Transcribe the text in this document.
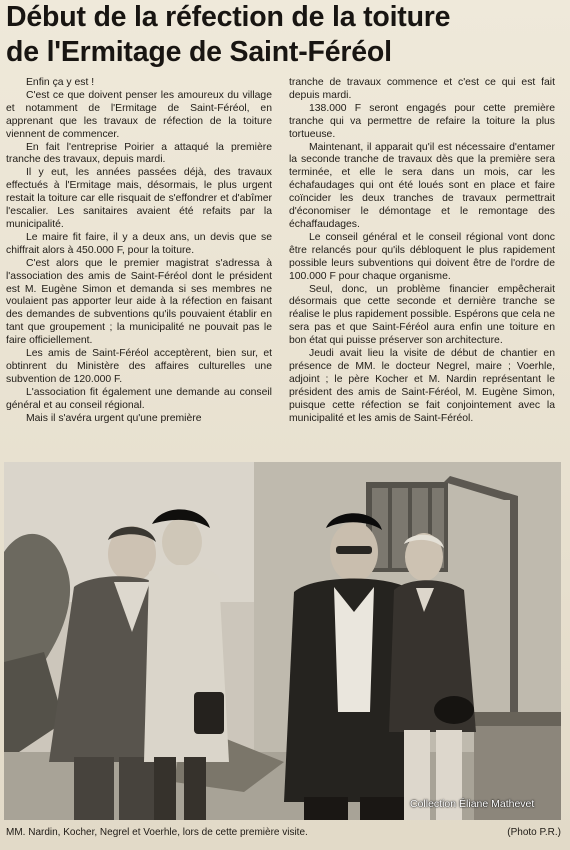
Début de la réfection de la toiture
de l'Ermitage de Saint-Féréol

Enfin ça y est !

C'est ce que doivent penser les amoureux du village et notamment de l'Ermitage de Saint-Féréol, en apprenant que les travaux de réfection de la toiture viennent de commencer.

En fait l'entreprise Poirier a attaqué la première tranche des travaux, depuis mardi.

Il y eut, les années passées déjà, des travaux effectués à l'Ermitage mais, désormais, le plus urgent restait la toiture car elle risquait de s'effondrer et d'abîmer l'escalier. Les sanitaires avaient été refaits par la municipalité.

Le maire fit faire, il y a deux ans, un devis que se chiffrait alors à 450.000 F, pour la toiture.

C'est alors que le premier magistrat s'adressa à l'association des amis de Saint-Féréol dont le président est M. Eugène Simon et demanda si ses membres ne voulaient pas apporter leur aide à la réfection en faisant des demandes de subventions qu'ils pouvaient établir en tant que groupement ; la municipalité ne pouvait pas le faire officiellement.

Les amis de Saint-Féréol acceptèrent, bien sur, et obtinrent du Ministère des affaires culturelles une subvention de 120.000 F.

L'association fit également une demande au conseil général et au conseil régional.

Mais il s'avéra urgent qu'une première

tranche de travaux commence et c'est ce qui est fait depuis mardi.

138.000 F seront engagés pour cette première tranche qui va permettre de refaire la toiture la plus tortueuse.

Maintenant, il apparait qu'il est nécessaire d'entamer la seconde tranche de travaux dès que la première sera terminée, et elle le sera dans un mois, car les échafaudages qui ont été loués sont en place et faire coïncider les deux tranches de travaux permettrait d'économiser le démontage et le remontage des échaffaudages.

Le conseil général et le conseil régional vont donc être relancés pour qu'ils débloquent le plus rapidement possible leurs subventions qui doivent être de l'ordre de 100.000 F pour chaque organisme.

Seul, donc, un problème financier empêcherait désormais que cette seconde et dernière tranche se réalise le plus rapidement possible. Espérons que cela ne sera pas et que Saint-Féréol aura enfin une toiture en bon état qui puisse préserver son architecture.

Jeudi avait lieu la visite de début de chantier en présence de MM. le docteur Negrel, maire ; Voerhle, adjoint ; le père Kocher et M. Nardin représentant le président des amis de Saint-Féréol, M. Eugène Simon, puisque cette réfection se fait conjointement avec la municipalité et les amis de Saint-Féréol.

Collection Éliane Mathevet
MM. Nardin, Kocher, Negrel et Voerhle, lors de cette première visite.	(Photo P.R.)
